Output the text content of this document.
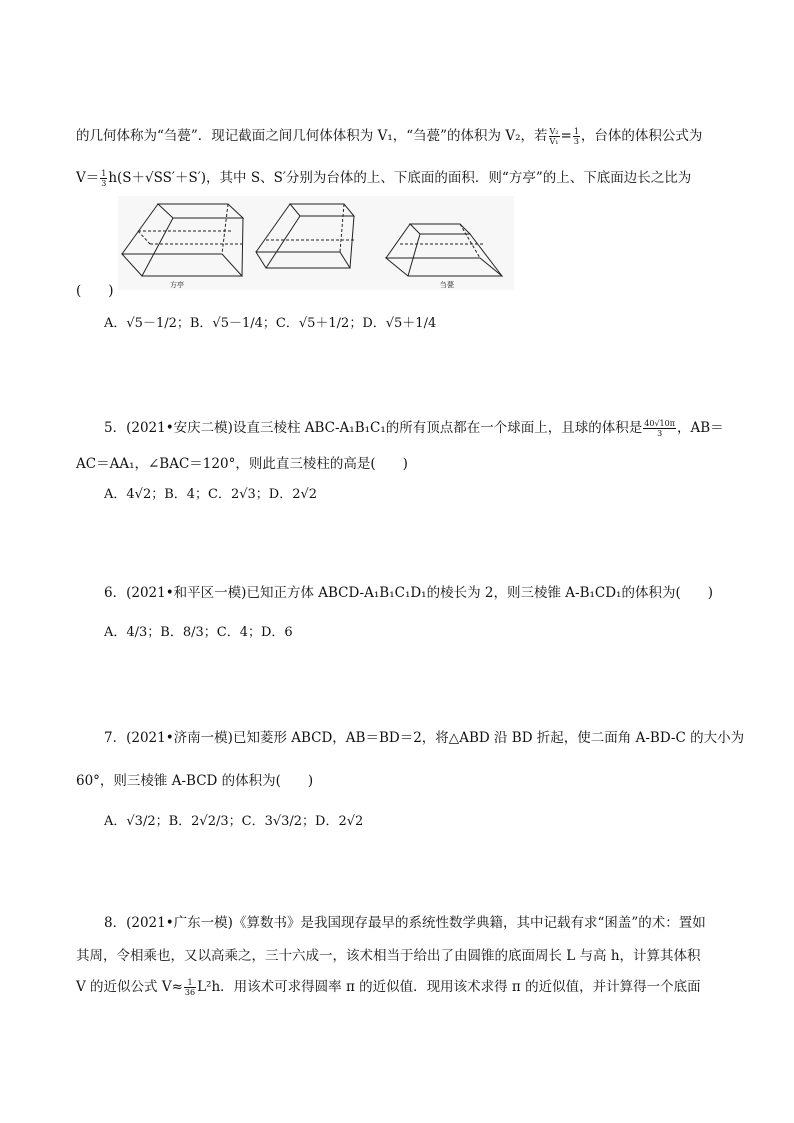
的几何体称为“刍甍”．现记截面之间几何体体积为 V₁，“刍甍”的体积为 V₂，若 $\frac{\text{V₂}}{\text{V₁}} = \frac{1}{3}$ ，台体的体积公式为
$V= \frac{1}{3} h(S+√SS'+S')$，其中 S、S′分别为台体的上、下底面的面积．则“方亭”的上、下底面边长之比为
方亭	刍甍
(　　)
A．√5－1/2；B．√5－1/4；C．√5＋1/2；D．√5＋1/4
5．(2021•安庆二模)设直三棱柱 ABC-A₁B₁C₁的所有顶点都在一个球面上，且球的体积是 $\frac{40√10\pi}{3}$ ，AB＝
AC＝AA₁，∠BAC＝120°，则此直三棱柱的高是(　　)
A．4√2；B．4；C．2√3；D．2√2
6．(2021•和平区一模)已知正方体 ABCD-A₁B₁C₁D₁的棱长为 2，则三棱锥 A-B₁CD₁的体积为(　　)
A．4/3；B．8/3；C．4；D．6
7．(2021•济南一模)已知菱形 ABCD，AB＝BD＝2，将△ABD 沿 BD 折起，使二面角 A-BD-C 的大小为
60°，则三棱锥 A-BCD 的体积为(　　)
A．√3/2；B．2√2/3；C．3√3/2；D．2√2
8．(2021•广东一模)《算数书》是我国现存最早的系统性数学典籍，其中记载有求“囷盖”的术：置如
其周，令相乘也，又以高乘之，三十六成一，该术相当于给出了由圆锥的底面周长 L 与高 h，计算其体积
V 的近似公式 $V\approx \frac{1}{36} L^2h$．用该术可求得圆率 π 的近似值．现用该术求得 π 的近似值，并计算得一个底面
